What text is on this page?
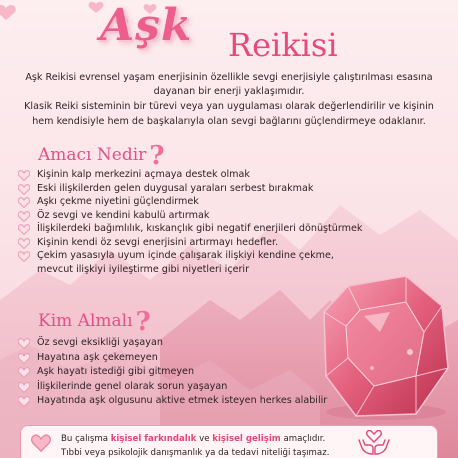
Aşk Reikisi

Aşk Reikisi evrensel yaşam enerjisinin özellikle sevgi enerjisiyle çalıştırılması esasına dayanan bir enerji yaklaşımıdır.

Klasik Reiki sisteminin bir türevi veya yan uygulaması olarak değerlendirilir ve kişinin hem kendisiyle hem de başkalarıyla olan sevgi bağlarını güçlendirmeye odaklanır.

Amacı Nedir ?
Kişinin kalp merkezini açmaya destek olmak
Eski ilişkilerden gelen duygusal yaraları serbest bırakmak
Aşkı çekme niyetini güçlendirmek
Öz sevgi ve kendini kabulü artırmak
İlişkilerdeki bağımlılık, kıskançlık gibi negatif enerjileri dönüştürmek
Kişinin kendi öz sevgi enerjisini artırmayı hedefler.
Çekim yasasıyla uyum içinde çalışarak ilişkiyi kendine çekme,
mevcut ilişkiyi iyileştirme gibi niyetleri içerir
Kim Almalı ?
Öz sevgi eksikliği yaşayan
Hayatına aşk çekemeyen
Aşk hayatı istediği gibi gitmeyen
İlişkilerinde genel olarak sorun yaşayan
Hayatında aşk olgusunu aktive etmek isteyen herkes alabilir
Bu çalışma kişisel farkındalık ve kişisel gelişim amaçlıdır.
Tıbbi veya psikolojik danışmanlık ya da tedavi niteliği taşımaz.
